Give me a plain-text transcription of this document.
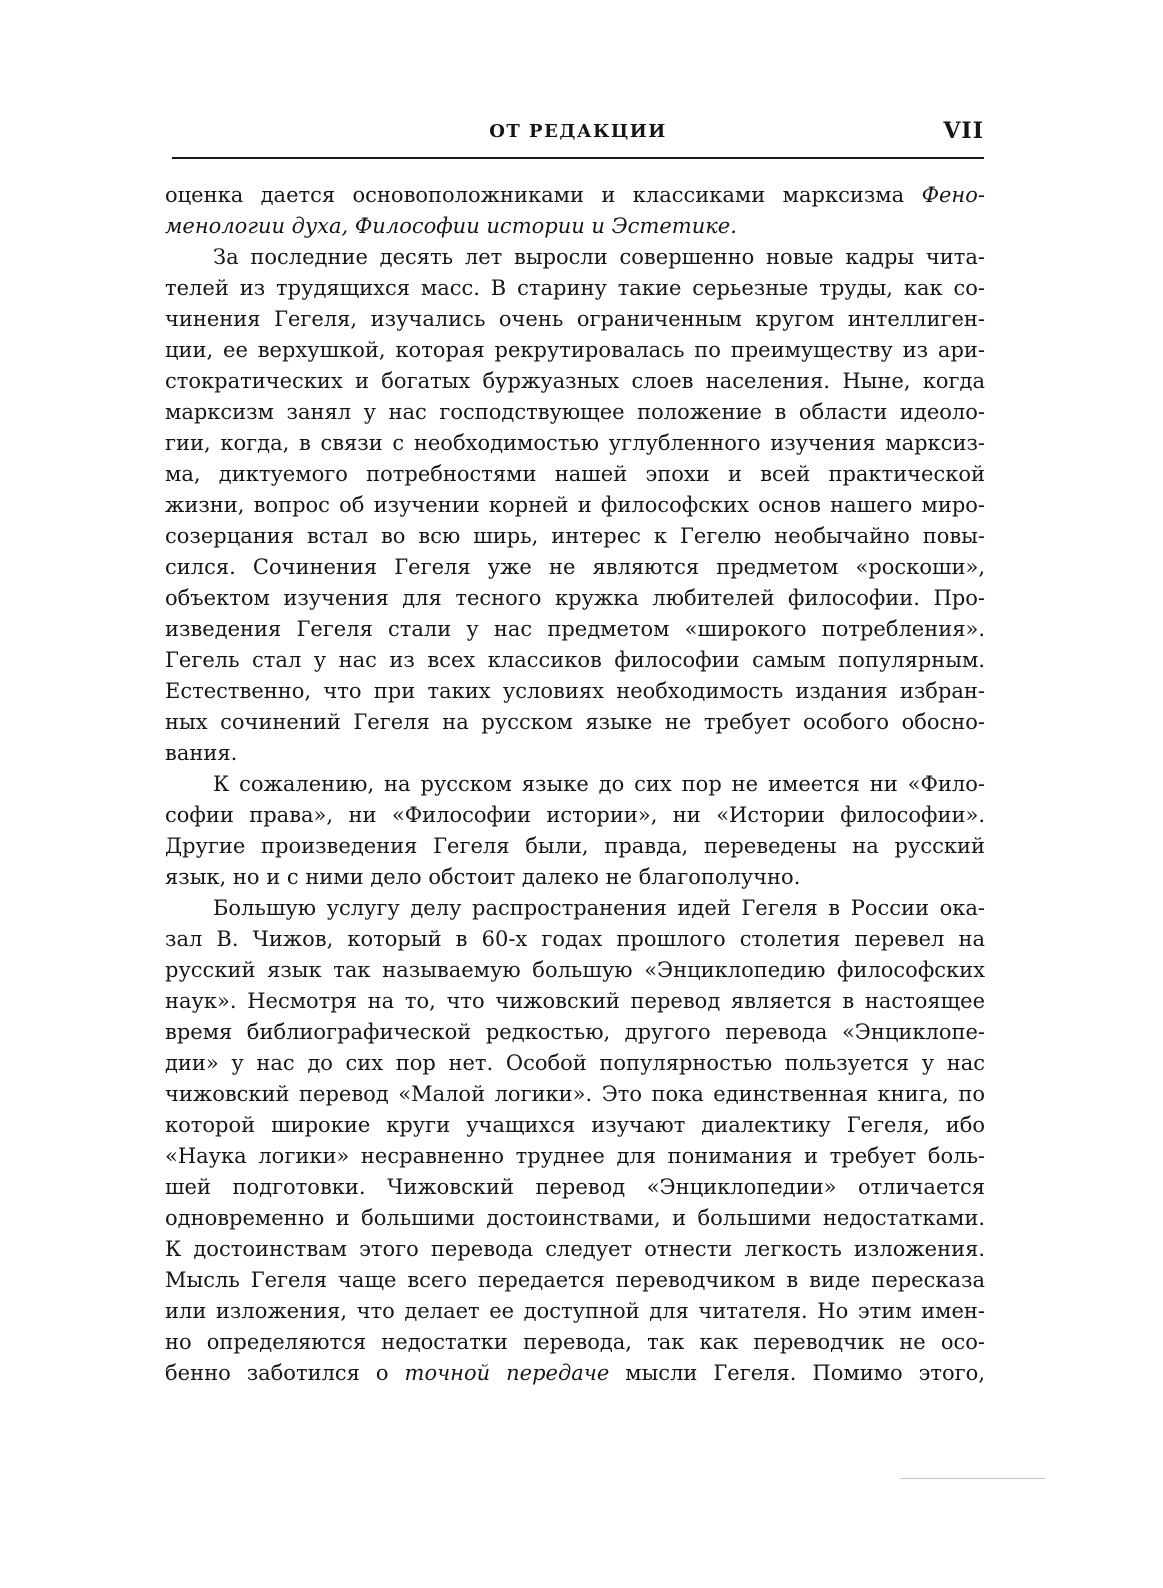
ОТ РЕДАКЦИИ	VII
оценка дается основоположниками и классиками марксизма Фено-
менологии духа, Философии истории и Эстетике.
За последние десять лет выросли совершенно новые кадры чита-
телей из трудящихся масс. В старину такие серьезные труды, как со-
чинения Гегеля, изучались очень ограниченным кругом интеллиген-
ции, ее верхушкой, которая рекрутировалась по преимуществу из ари-
стократических и богатых буржуазных слоев населения. Ныне, когда
марксизм занял у нас господствующее положение в области идеоло-
гии, когда, в связи с необходимостью углубленного изучения марксиз-
ма, диктуемого потребностями нашей эпохи и всей практической
жизни, вопрос об изучении корней и философских основ нашего миро-
созерцания встал во всю ширь, интерес к Гегелю необычайно повы-
сился. Сочинения Гегеля уже не являются предметом «роскоши»,
объектом изучения для тесного кружка любителей философии. Про-
изведения Гегеля стали у нас предметом «широкого потребления».
Гегель стал у нас из всех классиков философии самым популярным.
Естественно, что при таких условиях необходимость издания избран-
ных сочинений Гегеля на русском языке не требует особого обосно-
вания.
К сожалению, на русском языке до сих пор не имеется ни «Фило-
софии права», ни «Философии истории», ни «Истории философии».
Другие произведения Гегеля были, правда, переведены на русский
язык, но и с ними дело обстоит далеко не благополучно.
Большую услугу делу распространения идей Гегеля в России ока-
зал В. Чижов, который в 60-х годах прошлого столетия перевел на
русский язык так называемую большую «Энциклопедию философских
наук». Несмотря на то, что чижовский перевод является в настоящее
время библиографической редкостью, другого перевода «Энциклопе-
дии» у нас до сих пор нет. Особой популярностью пользуется у нас
чижовский перевод «Малой логики». Это пока единственная книга, по
которой широкие круги учащихся изучают диалектику Гегеля, ибо
«Наука логики» несравненно труднее для понимания и требует боль-
шей подготовки. Чижовский перевод «Энциклопедии» отличается
одновременно и большими достоинствами, и большими недостатками.
К достоинствам этого перевода следует отнести легкость изложения.
Мысль Гегеля чаще всего передается переводчиком в виде пересказа
или изложения, что делает ее доступной для читателя. Но этим имен-
но определяются недостатки перевода, так как переводчик не осо-
бенно заботился о точной передаче мысли Гегеля. Помимо этого,
